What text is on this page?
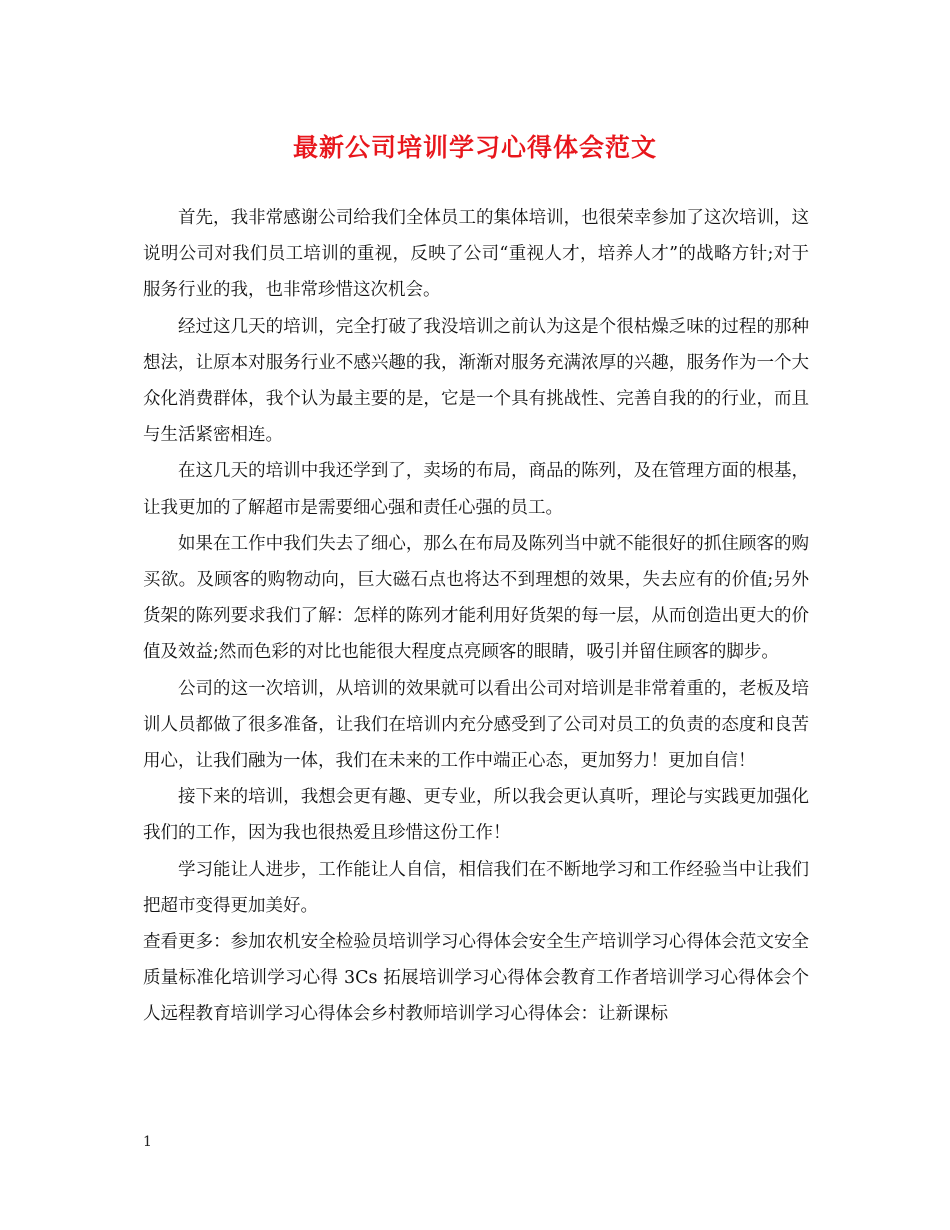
最新公司培训学习心得体会范文

首先，我非常感谢公司给我们全体员工的集体培训，也很荣幸参加了这次培训，这说明公司对我们员工培训的重视，反映了公司“重视人才，培养人才”的战略方针;对于服务行业的我，也非常珍惜这次机会。

经过这几天的培训，完全打破了我没培训之前认为这是个很枯燥乏味的过程的那种想法，让原本对服务行业不感兴趣的我，渐渐对服务充满浓厚的兴趣，服务作为一个大众化消费群体，我个认为最主要的是，它是一个具有挑战性、完善自我的的行业，而且与生活紧密相连。

在这几天的培训中我还学到了，卖场的布局，商品的陈列，及在管理方面的根基，让我更加的了解超市是需要细心强和责任心强的员工。

如果在工作中我们失去了细心，那么在布局及陈列当中就不能很好的抓住顾客的购买欲。及顾客的购物动向，巨大磁石点也将达不到理想的效果，失去应有的价值;另外货架的陈列要求我们了解：怎样的陈列才能利用好货架的每一层，从而创造出更大的价值及效益;然而色彩的对比也能很大程度点亮顾客的眼睛，吸引并留住顾客的脚步。

公司的这一次培训，从培训的效果就可以看出公司对培训是非常着重的，老板及培训人员都做了很多准备，让我们在培训内充分感受到了公司对员工的负责的态度和良苦用心，让我们融为一体，我们在未来的工作中端正心态，更加努力！更加自信！

接下来的培训，我想会更有趣、更专业，所以我会更认真听，理论与实践更加强化我们的工作，因为我也很热爱且珍惜这份工作！

学习能让人进步，工作能让人自信，相信我们在不断地学习和工作经验当中让我们把超市变得更加美好。

查看更多：参加农机安全检验员培训学习心得体会安全生产培训学习心得体会范文安全质量标准化培训学习心得 3Cs 拓展培训学习心得体会教育工作者培训学习心得体会个人远程教育培训学习心得体会乡村教师培训学习心得体会：让新课标

1
